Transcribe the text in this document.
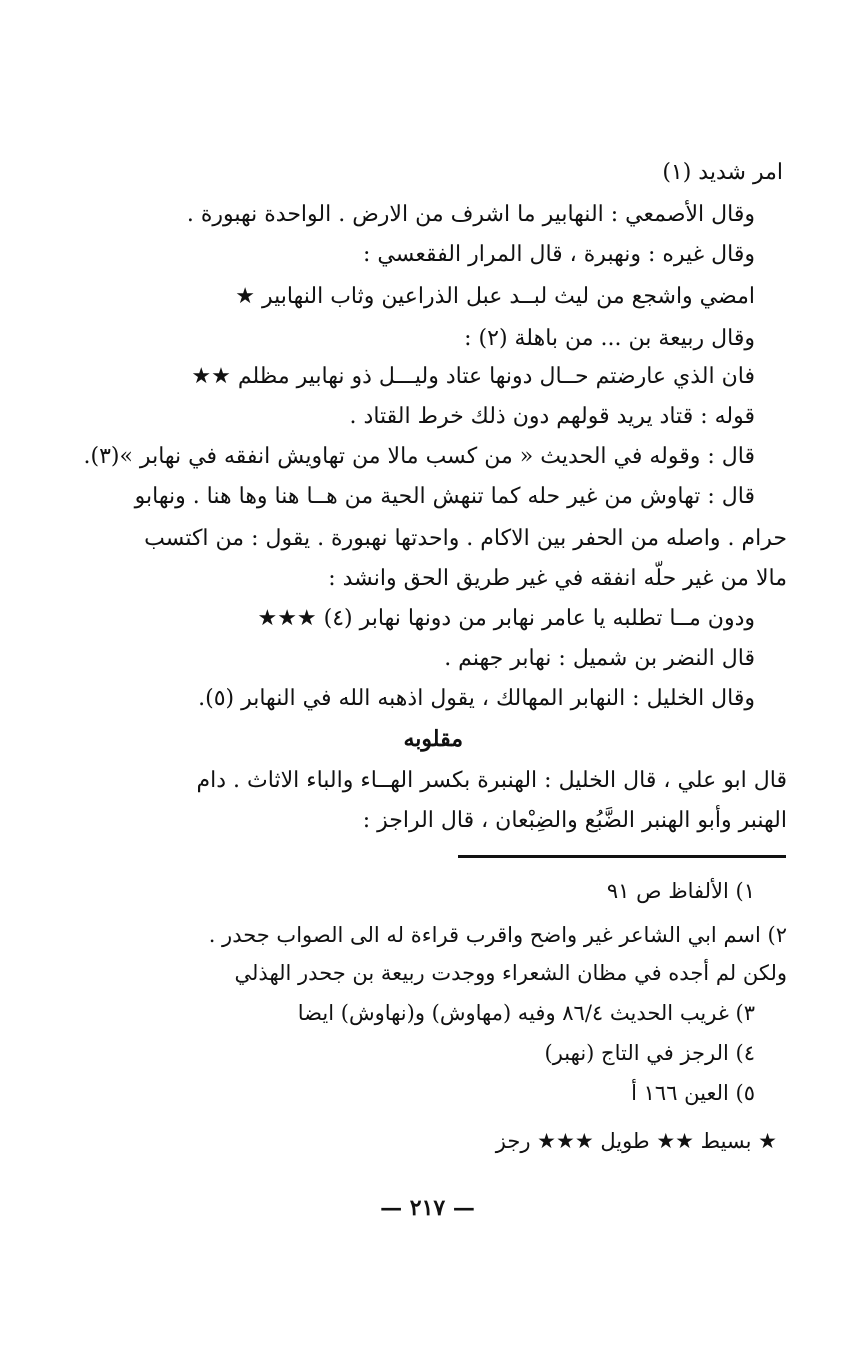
امر شديد (١)
وقال الأصمعي : النهابير ما اشرف من الارض . الواحدة نهبورة .
وقال غيره : ونهبرة ، قال المرار الفقعسي :
امضي واشجع من ليث لبــد عبل الذراعين وثاب النهابير ★
وقال ربيعة بن ... من باهلة (٢) :
فان الذي عارضتم حــال دونها عتاد وليـــل ذو نهابير مظلم ★★
قوله : قتاد يريد قولهم دون ذلك خرط القتاد .
قال : وقوله في الحديث « من كسب مالا من تهاويش انفقه في نهابر »(٣).
قال : تهاوش من غير حله كما تنهش الحية من هــا هنا وها هنا . ونهابو
حرام . واصله من الحفر بين الاكام . واحدتها نهبورة . يقول : من اكتسب
مالا من غير حلّه انفقه في غير طريق الحق وانشد :
ودون مــا تطلبه يا عامر نهابر من دونها نهابر (٤) ★★★
قال النضر بن شميل : نهابر جهنم .
وقال الخليل : النهابر المهالك ، يقول اذهبه الله في النهابر (٥).
مقلوبه
قال ابو علي ، قال الخليل : الهنبرة بكسر الهــاء والباء الاثاث . دام
الهنبر وأبو الهنبر الضَّبُع والضِبْعان ، قال الراجز :
١) الألفاظ ص ٩١
٢) اسم ابي الشاعر غير واضح واقرب قراءة له الى الصواب جحدر .
ولكن لم أجده في مظان الشعراء ووجدت ربيعة بن جحدر الهذلي
٣) غريب الحديث ٨٦/٤ وفيه (مهاوش) و(نهاوش) ايضا
٤) الرجز في التاج (نهبر)
٥) العين ١٦٦ أ
★ بسيط ★★ طويل ★★★ رجز
— ٢١٧ —
